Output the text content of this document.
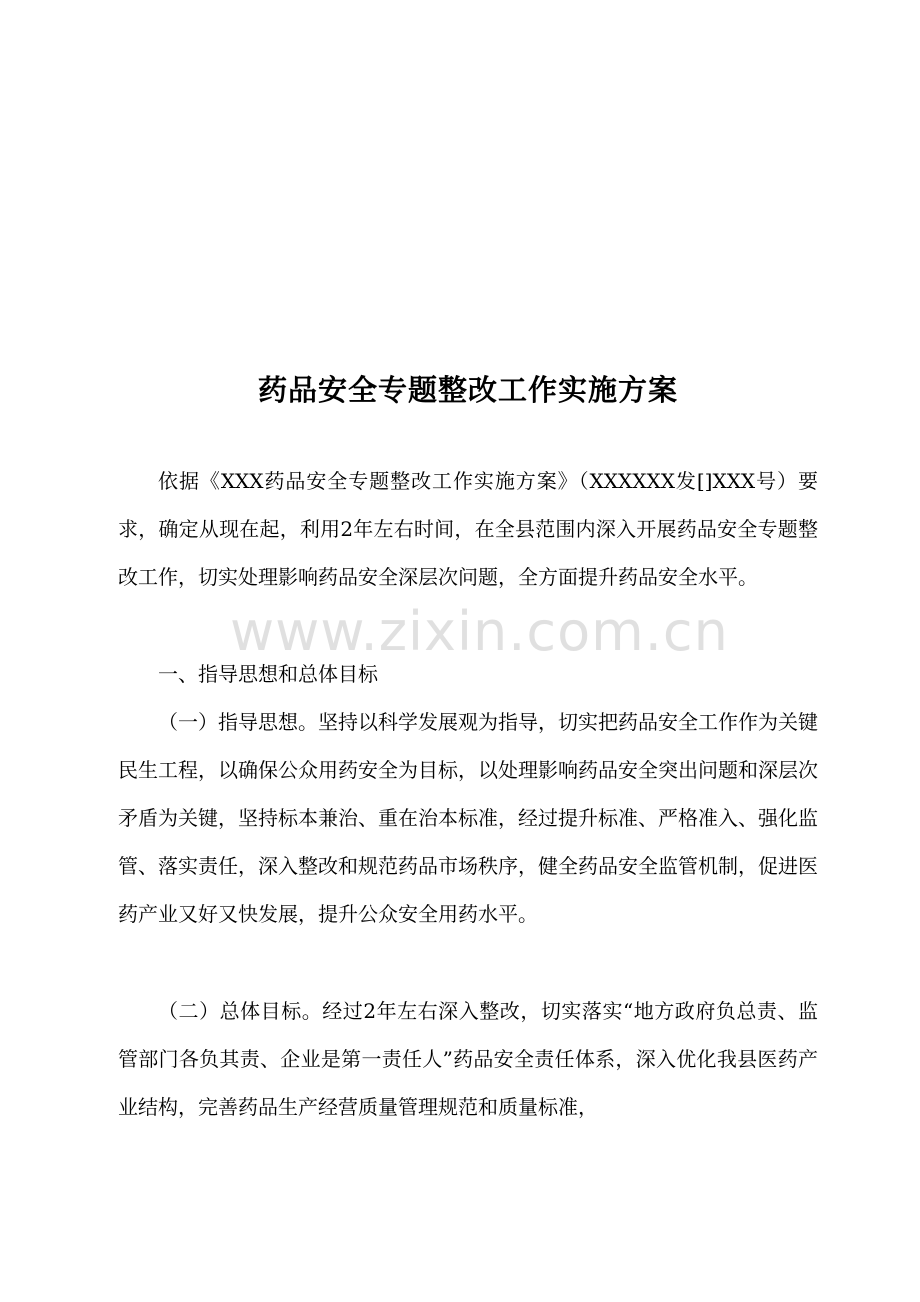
药品安全专题整改工作实施方案

依据《XXX药品安全专题整改工作实施方案》（XXXXXX发[]XXX号）要求，确定从现在起，利用2年左右时间，在全县范围内深入开展药品安全专题整改工作，切实处理影响药品安全深层次问题，全方面提升药品安全水平。

一、指导思想和总体目标

（一）指导思想。坚持以科学发展观为指导，切实把药品安全工作作为关键民生工程，以确保公众用药安全为目标，以处理影响药品安全突出问题和深层次矛盾为关键，坚持标本兼治、重在治本标准，经过提升标准、严格准入、强化监管、落实责任，深入整改和规范药品市场秩序，健全药品安全监管机制，促进医药产业又好又快发展，提升公众安全用药水平。

（二）总体目标。经过2年左右深入整改，切实落实“地方政府负总责、监管部门各负其责、企业是第一责任人”药品安全责任体系，深入优化我县医药产业结构，完善药品生产经营质量管理规范和质量标准，

www.zixin.com.cn
